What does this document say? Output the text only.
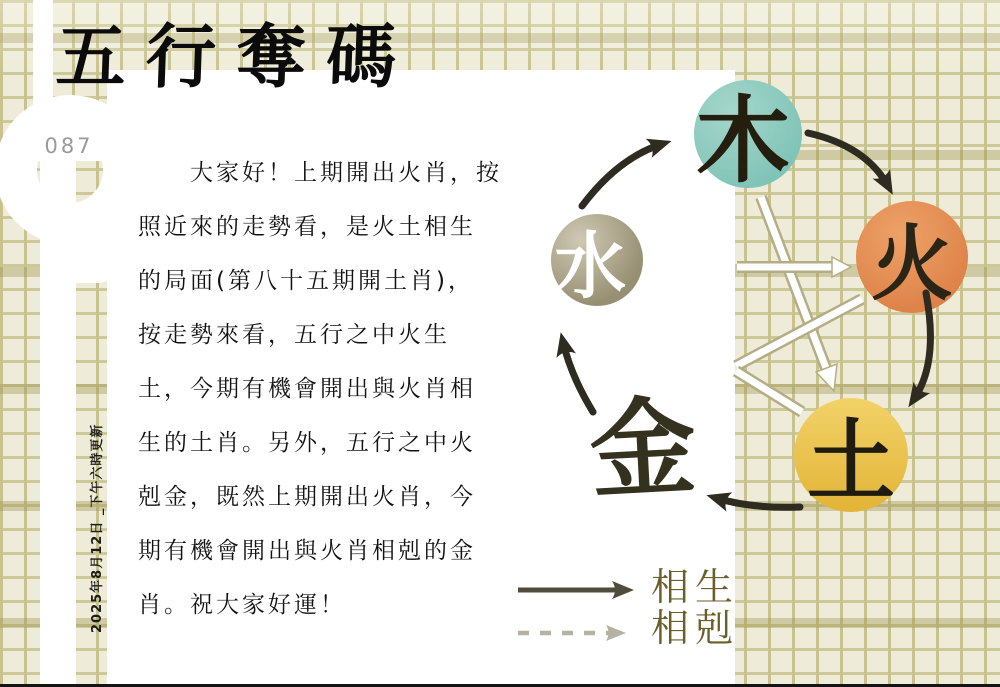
087	木
火
土
水
金
相生
相剋
五行奪碼
　　大家好！上期開出火肖，按
照近來的走勢看，是火土相生
的局面(第八十五期開土肖)，
按走勢來看，五行之中火生
土，今期有機會開出與火肖相
生的土肖。另外，五行之中火
剋金，既然上期開出火肖，今
期有機會開出與火肖相剋的金
肖。祝大家好運！
2025年8月12日 _下午六時更新
